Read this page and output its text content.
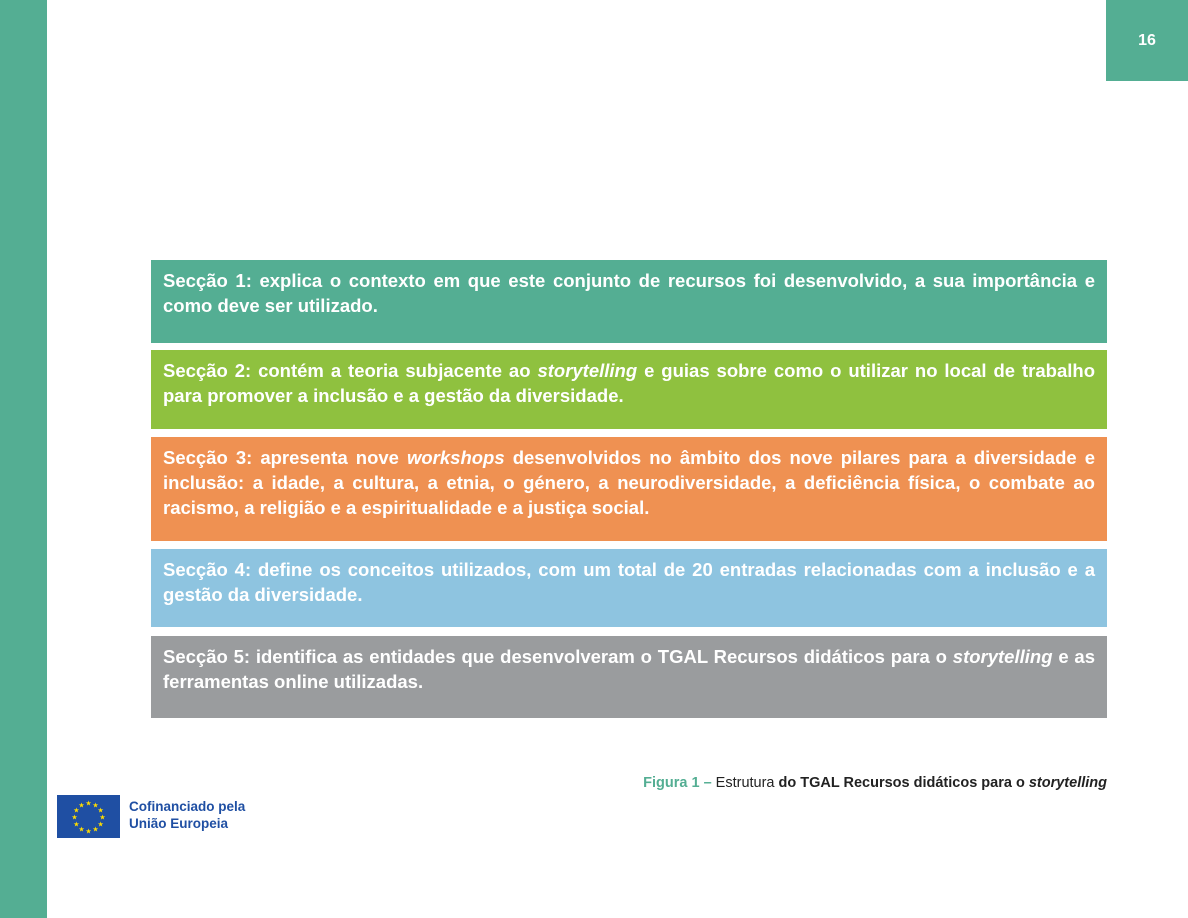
16
Secção 1: explica o contexto em que este conjunto de recursos foi desenvolvido, a sua importância e como deve ser utilizado.
Secção 2: contém a teoria subjacente ao storytelling e guias sobre como o utilizar no local de trabalho para promover a inclusão e a gestão da diversidade.
Secção 3: apresenta nove workshops desenvolvidos no âmbito dos nove pilares para a diversidade e inclusão: a idade, a cultura, a etnia, o género, a neurodiversidade, a deficiência física, o combate ao racismo, a religião e a espiritualidade e a justiça social.
Secção 4: define os conceitos utilizados, com um total de 20 entradas relacionadas com a inclusão e a gestão da diversidade.
Secção 5: identifica as entidades que desenvolveram o TGAL Recursos didáticos para o storytelling e as ferramentas online utilizadas.
Figura 1 – Estrutura do TGAL Recursos didáticos para o storytelling
★ ★
★
★
★
★
★
★
★
★
★
★	Cofinanciado pela
União Europeia
